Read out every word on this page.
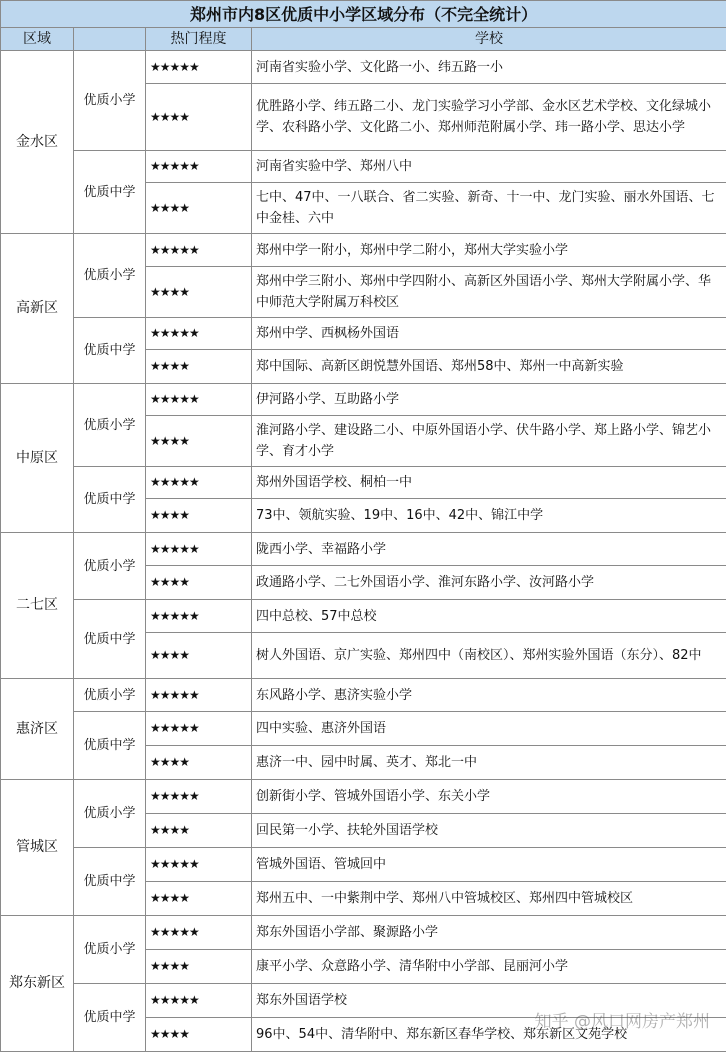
郑州市内8区优质中小学区域分布（不完全统计）			
区域		热门程度	学校
金水区	优质小学	★★★★★	河南省实验小学、文化路一小、纬五路一小
		★★★★	优胜路小学、纬五路二小、龙门实验学习小学部、金水区艺术学校、文化绿城小学、农科路小学、文化路二小、郑州师范附属小学、玮一路小学、思达小学
	优质中学	★★★★★	河南省实验中学、郑州八中
		★★★★	七中、47中、一八联合、省二实验、新奇、十一中、龙门实验、丽水外国语、七中金桂、六中
高新区	优质小学	★★★★★	郑州中学一附小，郑州中学二附小，郑州大学实验小学
		★★★★	郑州中学三附小、郑州中学四附小、高新区外国语小学、郑州大学附属小学、华中师范大学附属万科校区
	优质中学	★★★★★	郑州中学、西枫杨外国语
		★★★★	郑中国际、高新区朗悦慧外国语、郑州58中、郑州一中高新实验
中原区	优质小学	★★★★★	伊河路小学、互助路小学
		★★★★	淮河路小学、建设路二小、中原外国语小学、伏牛路小学、郑上路小学、锦艺小学、育才小学
	优质中学	★★★★★	郑州外国语学校、桐柏一中
		★★★★	73中、领航实验、19中、16中、42中、锦江中学
二七区	优质小学	★★★★★	陇西小学、幸福路小学
		★★★★	政通路小学、二七外国语小学、淮河东路小学、汝河路小学
	优质中学	★★★★★	四中总校、57中总校
		★★★★	树人外国语、京广实验、郑州四中（南校区）、郑州实验外国语（东分）、82中
惠济区	优质小学	★★★★★	东风路小学、惠济实验小学
	优质中学	★★★★★	四中实验、惠济外国语
		★★★★	惠济一中、园中时属、英才、郑北一中
管城区	优质小学	★★★★★	创新街小学、管城外国语小学、东关小学
		★★★★	回民第一小学、扶轮外国语学校
	优质中学	★★★★★	管城外国语、管城回中
		★★★★	郑州五中、一中紫荆中学、郑州八中管城校区、郑州四中管城校区
郑东新区	优质小学	★★★★★	郑东外国语小学部、聚源路小学
		★★★★	康平小学、众意路小学、清华附中小学部、昆丽河小学
	优质中学	★★★★★	郑东外国语学校
		★★★★	96中、54中、清华附中、郑东新区春华学校、郑东新区文苑学校
知乎 @风口网房产郑州
